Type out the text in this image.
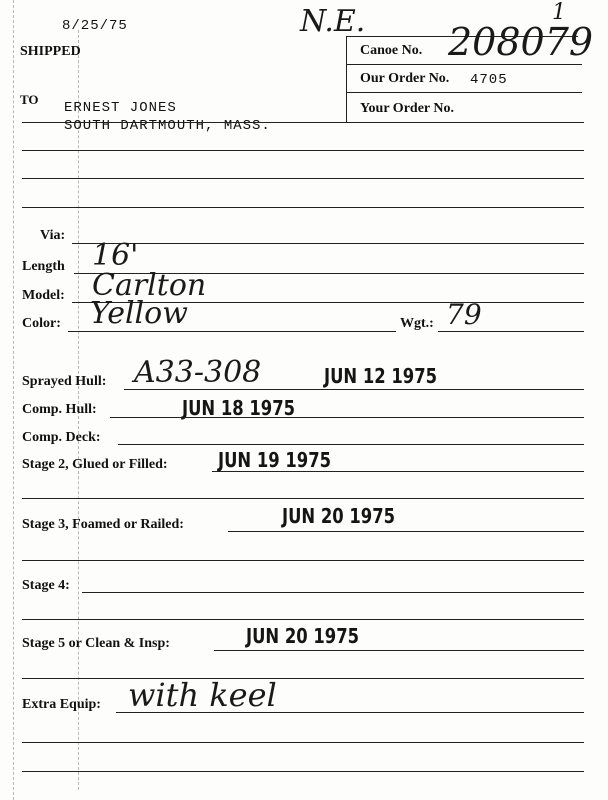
8/25/75	N.E.	1
SHIPPED	Canoe No. 208079
Our Order No. 4705
Your Order No.
TO
ERNEST JONES
SOUTH DARTMOUTH, MASS.
Via:
Length 16'
Model: Carlton
Color: Yellow	Wgt.: 79
Sprayed Hull: A33-308	JUN 12 1975
Comp. Hull:	JUN 18 1975
Comp. Deck:
Stage 2, Glued or Filled:	JUN 19 1975
Stage 3, Foamed or Railed:	JUN 20 1975
Stage 4:
Stage 5 or Clean & Insp:	JUN 20 1975
Extra Equip: with keel
